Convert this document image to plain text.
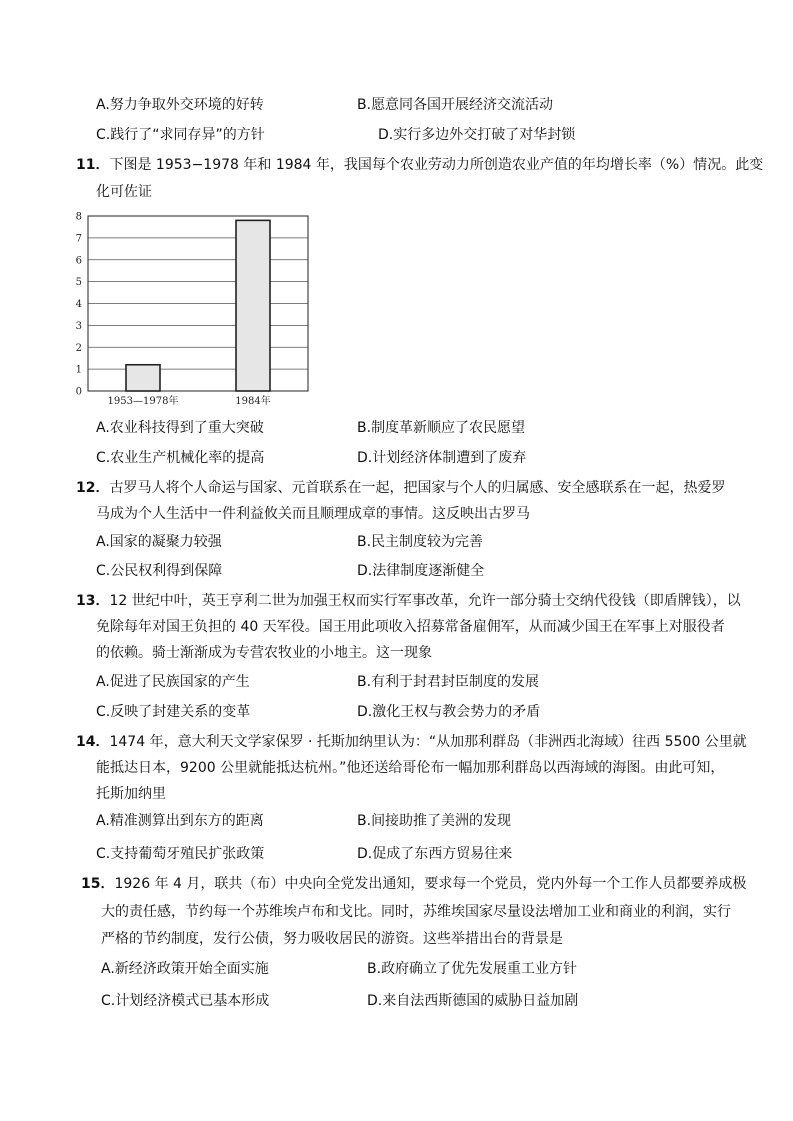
A.努力争取外交环境的好转	B.愿意同各国开展经济交流活动
C.践行了“求同存异”的方针	D.实行多边外交打破了对华封锁
11．下图是 1953−1978 年和 1984 年，我国每个农业劳动力所创造农业产值的年均增长率（%）情况。此变
化可佐证
0
1
2
3
4
5
6
7
8
1953—1978年	1984年
A.农业科技得到了重大突破	B.制度革新顺应了农民愿望
C.农业生产机械化率的提高	D.计划经济体制遭到了废弃
12．古罗马人将个人命运与国家、元首联系在一起，把国家与个人的归属感、安全感联系在一起，热爱罗
马成为个人生活中一件利益攸关而且顺理成章的事情。这反映出古罗马
A.国家的凝聚力较强	B.民主制度较为完善
C.公民权利得到保障	D.法律制度逐渐健全
13．12 世纪中叶，英王亨利二世为加强王权而实行军事改革，允许一部分骑士交纳代役钱（即盾牌钱），以
免除每年对国王负担的 40 天军役。国王用此项收入招募常备雇佣军，从而减少国王在军事上对服役者
的依赖。骑士渐渐成为专营农牧业的小地主。这一现象
A.促进了民族国家的产生	B.有利于封君封臣制度的发展
C.反映了封建关系的变革	D.激化王权与教会势力的矛盾
14．1474 年，意大利天文学家保罗 · 托斯加纳里认为：“从加那利群岛（非洲西北海域）往西 5500 公里就
能抵达日本，9200 公里就能抵达杭州。”他还送给哥伦布一幅加那利群岛以西海域的海图。由此可知，
托斯加纳里
A.精准测算出到东方的距离	B.间接助推了美洲的发现
C.支持葡萄牙殖民扩张政策	D.促成了东西方贸易往来
15．1926 年 4 月，联共（布）中央向全党发出通知，要求每一个党员，党内外每一个工作人员都要养成极
大的责任感，节约每一个苏维埃卢布和戈比。同时，苏维埃国家尽量设法增加工业和商业的利润，实行
严格的节约制度，发行公债，努力吸收居民的游资。这些举措出台的背景是
A.新经济政策开始全面实施	B.政府确立了优先发展重工业方针
C.计划经济模式已基本形成	D.来自法西斯德国的威胁日益加剧
